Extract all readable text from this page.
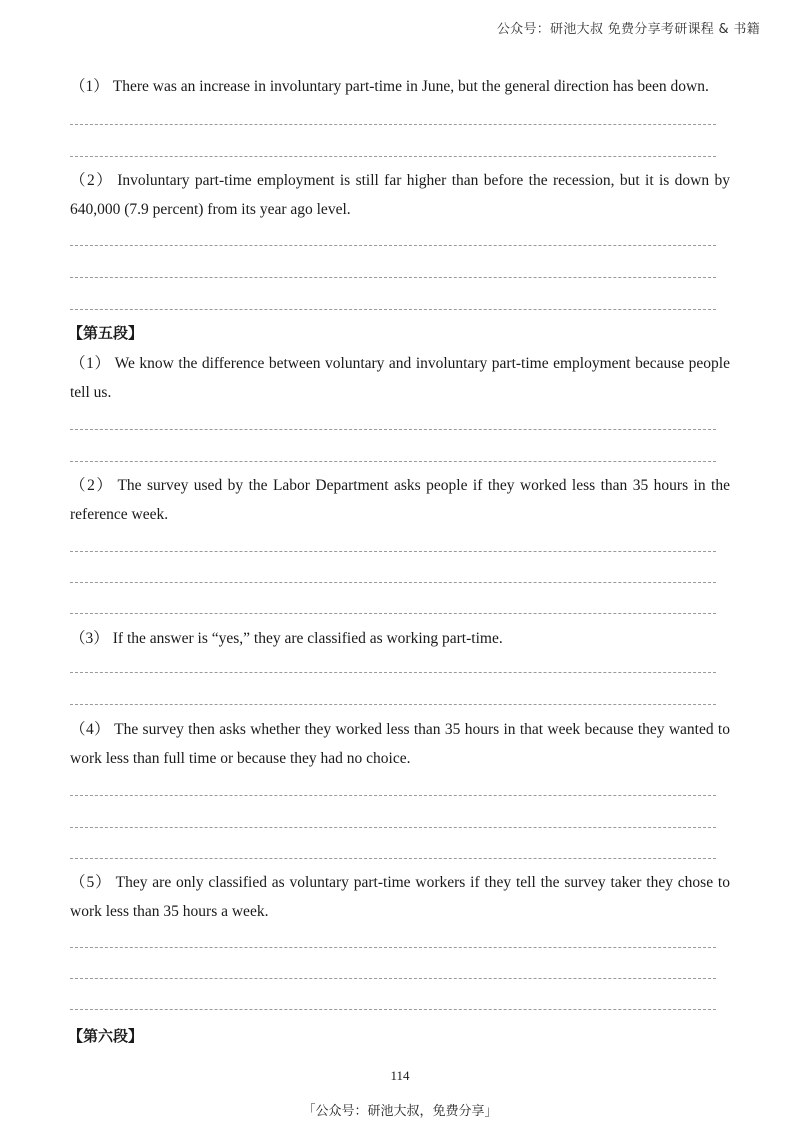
公众号：研池大叔 免费分享考研课程 & 书籍

（1） There was an increase in involuntary part-time in June, but the general direction has been down.

（2） Involuntary part-time employment is still far higher than before the recession, but it is down by 640,000 (7.9 percent) from its year ago level.

【第五段】

（1） We know the difference between voluntary and involuntary part-time employment because people tell us.

（2） The survey used by the Labor Department asks people if they worked less than 35 hours in the reference week.

（3） If the answer is “yes,” they are classified as working part-time.

（4） The survey then asks whether they worked less than 35 hours in that week because they wanted to work less than full time or because they had no choice.

（5） They are only classified as voluntary part-time workers if they tell the survey taker they chose to work less than 35 hours a week.

【第六段】
114
「公众号：研池大叔，免费分享」
